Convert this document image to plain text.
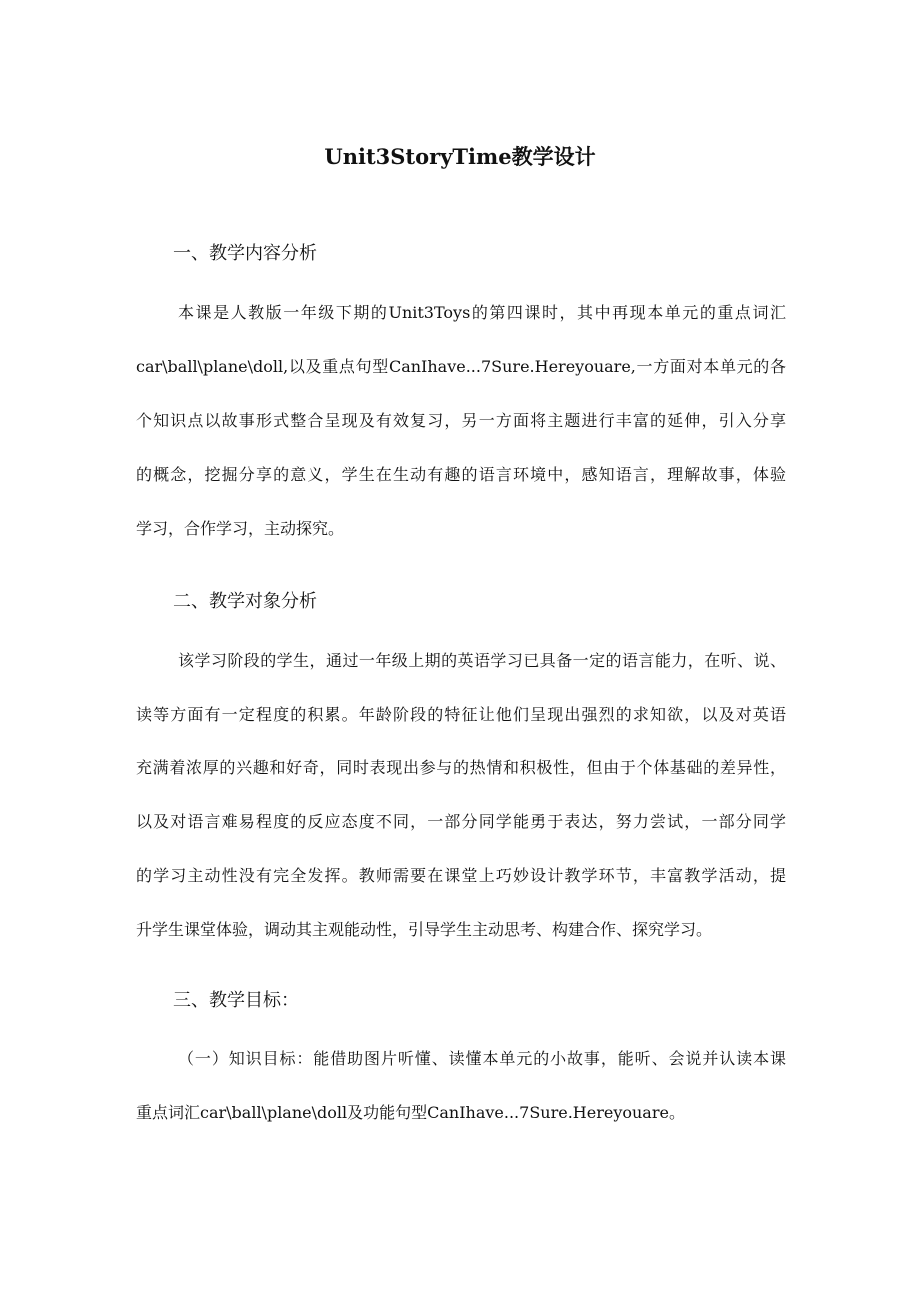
Unit3StoryTime教学设计
一、教学内容分析
本课是人教版一年级下期的Unit3Toys的第四课时，其中再现本单元的重点词汇
car\ball\plane\doll,以及重点句型CanIhave...7Sure.Hereyouare,一方面对本单元的各
个知识点以故事形式整合呈现及有效复习，另一方面将主题进行丰富的延伸，引入分享
的概念，挖掘分享的意义，学生在生动有趣的语言环境中，感知语言，理解故事，体验
学习，合作学习，主动探究。
二、教学对象分析
该学习阶段的学生，通过一年级上期的英语学习已具备一定的语言能力，在听、说、
读等方面有一定程度的积累。年龄阶段的特征让他们呈现出强烈的求知欲，以及对英语
充满着浓厚的兴趣和好奇，同时表现出参与的热情和积极性，但由于个体基础的差异性，
以及对语言难易程度的反应态度不同，一部分同学能勇于表达，努力尝试，一部分同学
的学习主动性没有完全发挥。教师需要在课堂上巧妙设计教学环节，丰富教学活动，提
升学生课堂体验，调动其主观能动性，引导学生主动思考、构建合作、探究学习。
三、教学目标：
（一）知识目标：能借助图片听懂、读懂本单元的小故事，能听、会说并认读本课
重点词汇car\ball\plane\doll及功能句型CanIhave...7Sure.Hereyouare。
